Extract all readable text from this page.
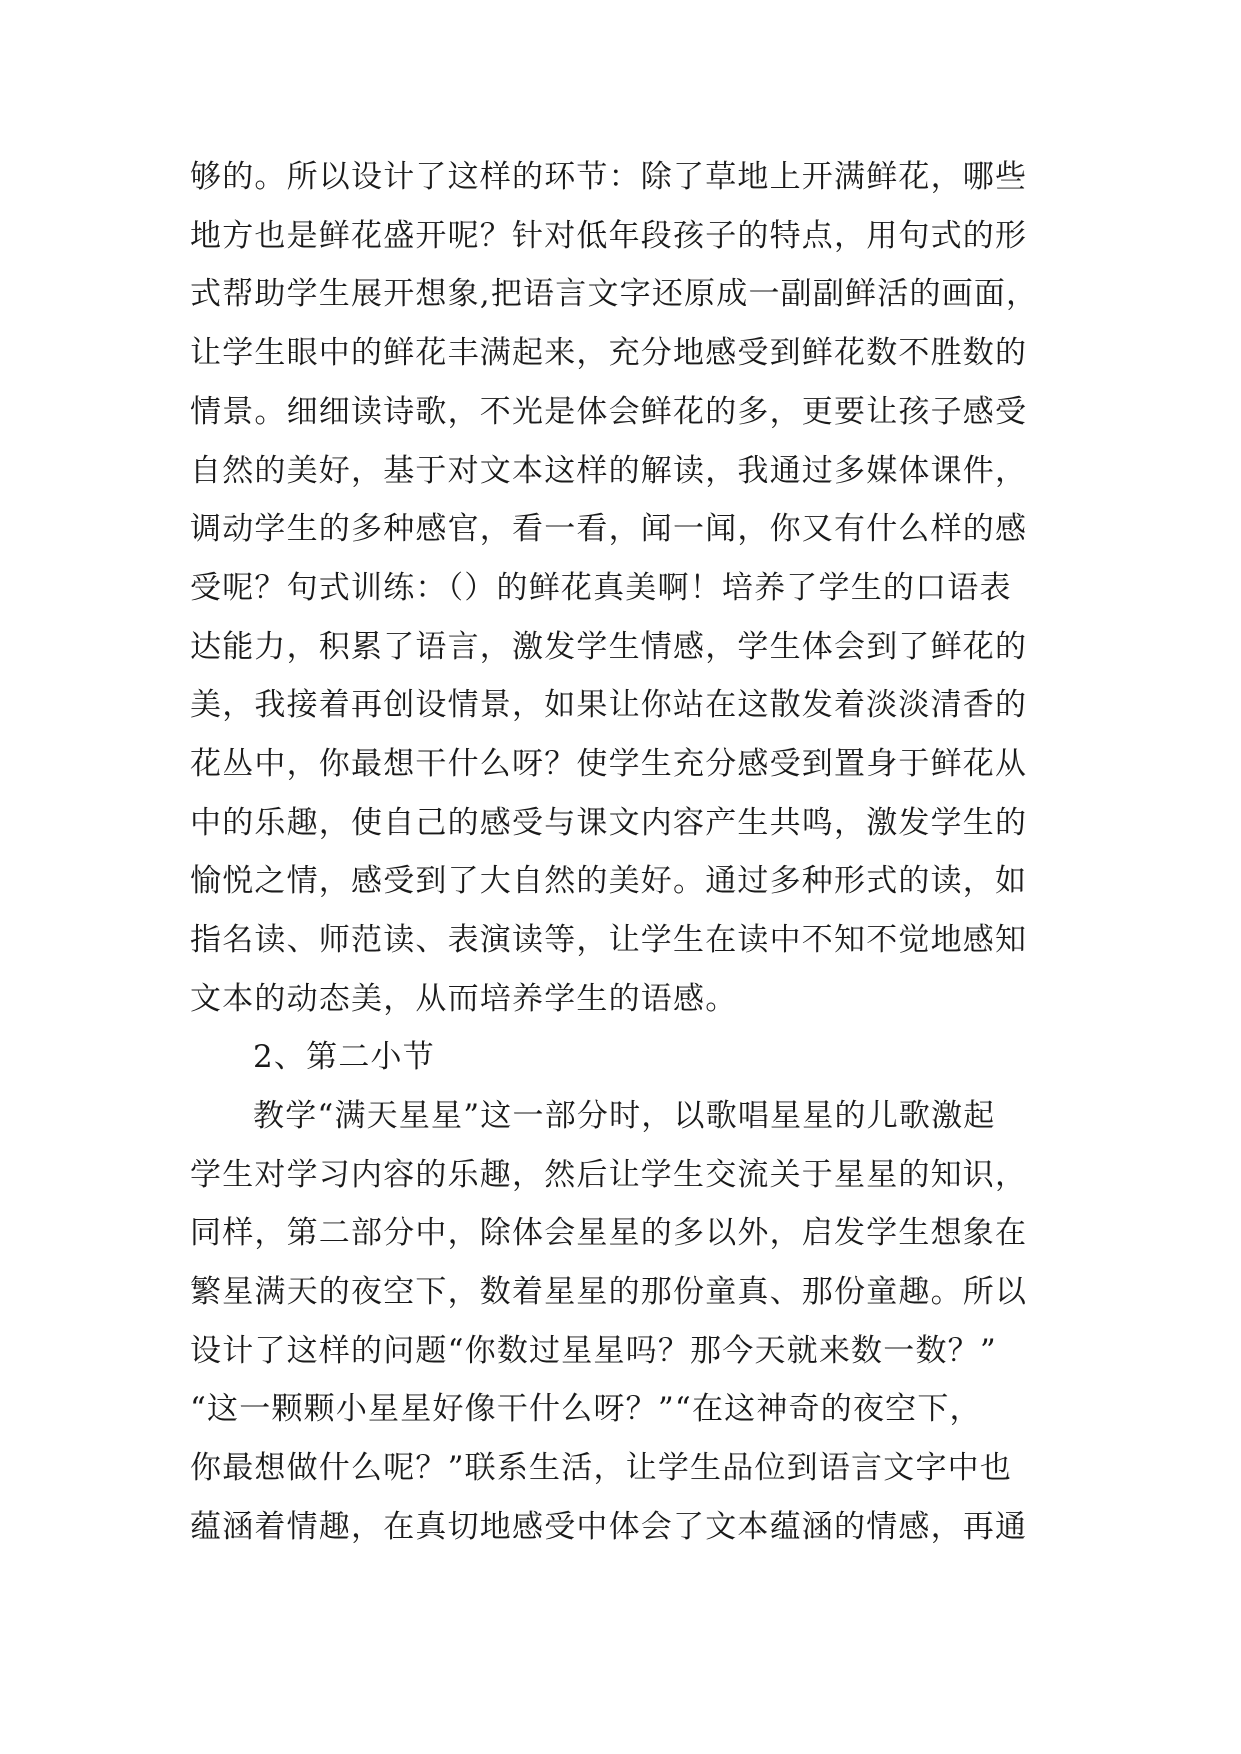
够的。所以设计了这样的环节：除了草地上开满鲜花，哪些
地方也是鲜花盛开呢？针对低年段孩子的特点，用句式的形
式帮助学生展开想象,把语言文字还原成一副副鲜活的画面，
让学生眼中的鲜花丰满起来，充分地感受到鲜花数不胜数的
情景。细细读诗歌，不光是体会鲜花的多，更要让孩子感受
自然的美好，基于对文本这样的解读，我通过多媒体课件，
调动学生的多种感官，看一看，闻一闻，你又有什么样的感
受呢？句式训练：（）的鲜花真美啊！培养了学生的口语表
达能力，积累了语言，激发学生情感，学生体会到了鲜花的
美，我接着再创设情景，如果让你站在这散发着淡淡清香的
花丛中，你最想干什么呀？使学生充分感受到置身于鲜花从
中的乐趣，使自己的感受与课文内容产生共鸣，激发学生的
愉悦之情，感受到了大自然的美好。通过多种形式的读，如
指名读、师范读、表演读等，让学生在读中不知不觉地感知
文本的动态美，从而培养学生的语感。
2、第二小节
教学“满天星星”这一部分时，以歌唱星星的儿歌激起
学生对学习内容的乐趣，然后让学生交流关于星星的知识，
同样，第二部分中，除体会星星的多以外，启发学生想象在
繁星满天的夜空下，数着星星的那份童真、那份童趣。所以
设计了这样的问题“你数过星星吗？那今天就来数一数？”
“这一颗颗小星星好像干什么呀？”“在这神奇的夜空下，
你最想做什么呢？”联系生活，让学生品位到语言文字中也
蕴涵着情趣，在真切地感受中体会了文本蕴涵的情感，再通
